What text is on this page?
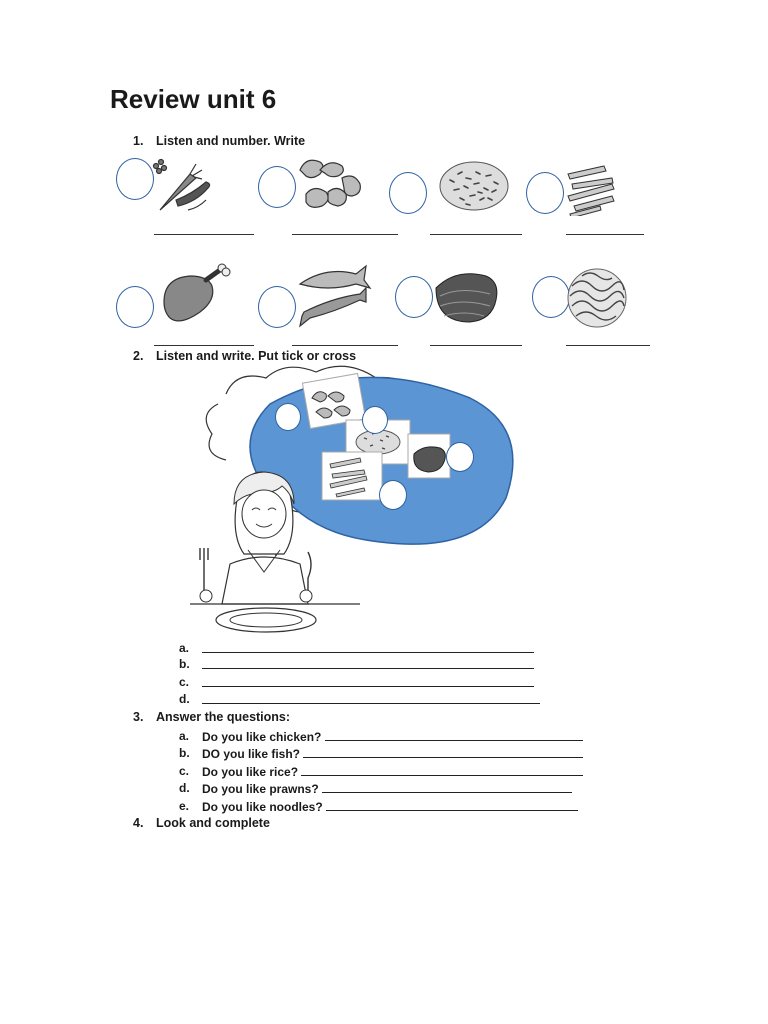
Review unit 6
1. Listen and number. Write
2. Listen and write. Put tick or cross
a.
b.
c.
d.
3. Answer the questions:
a. Do you like chicken?
b. DO you like fish?
c. Do you like rice?
d. Do you like prawns?
e. Do you like noodles?
4. Look and complete
